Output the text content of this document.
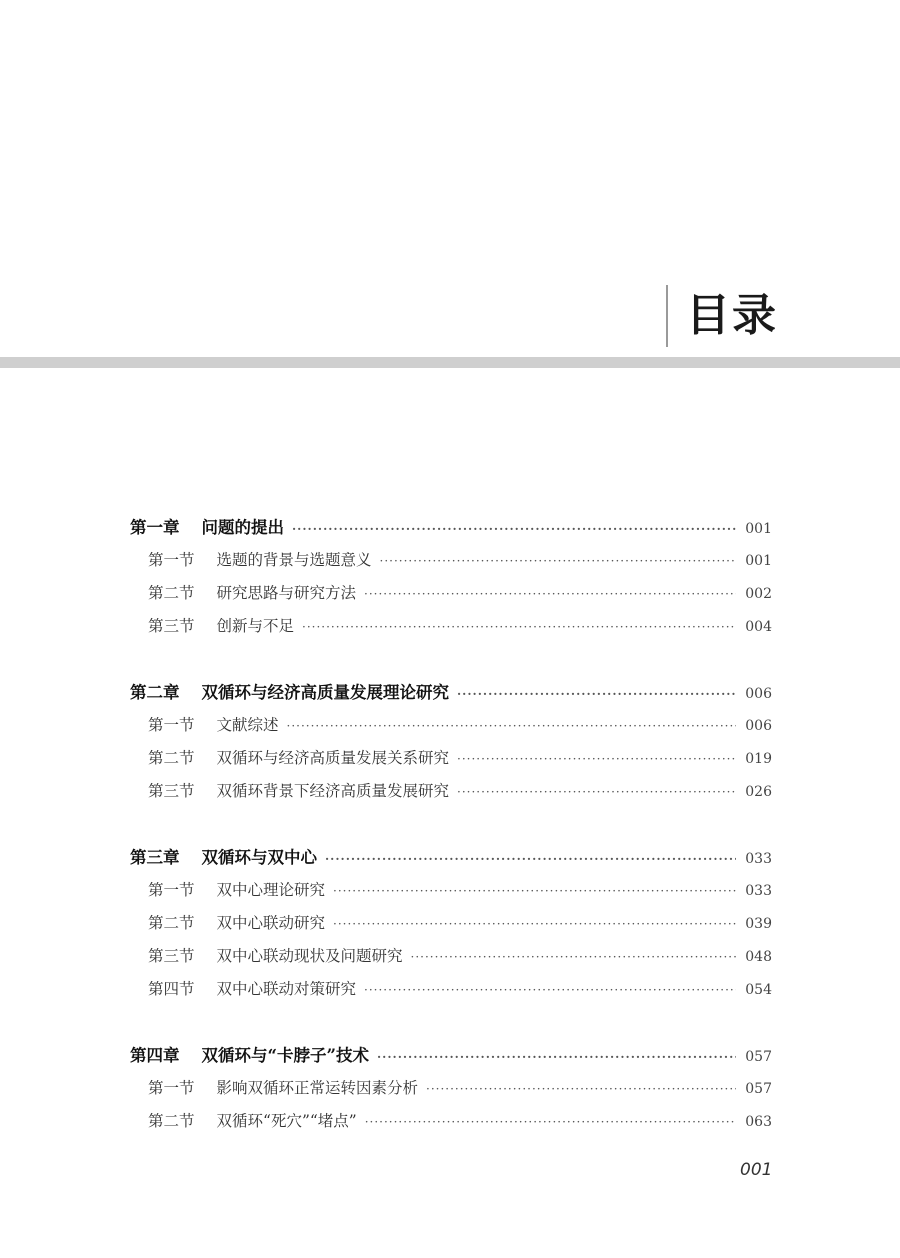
目录
第一章 问题的提出 ·····	001
第一节 选题的背景与选题意义 ·····	001
第二节 研究思路与研究方法 ·····	002
第三节 创新与不足 ·····	004
第二章 双循环与经济高质量发展理论研究 ·····	006
第一节 文献综述 ·····	006
第二节 双循环与经济高质量发展关系研究 ·····	019
第三节 双循环背景下经济高质量发展研究 ·····	026
第三章 双循环与双中心 ·····	033
第一节 双中心理论研究 ·····	033
第二节 双中心联动研究 ·····	039
第三节 双中心联动现状及问题研究 ·····	048
第四节 双中心联动对策研究 ·····	054
第四章 双循环与“卡脖子”技术 ·····	057
第一节 影响双循环正常运转因素分析 ·····	057
第二节 双循环“死穴”“堵点” ·····	063
001
